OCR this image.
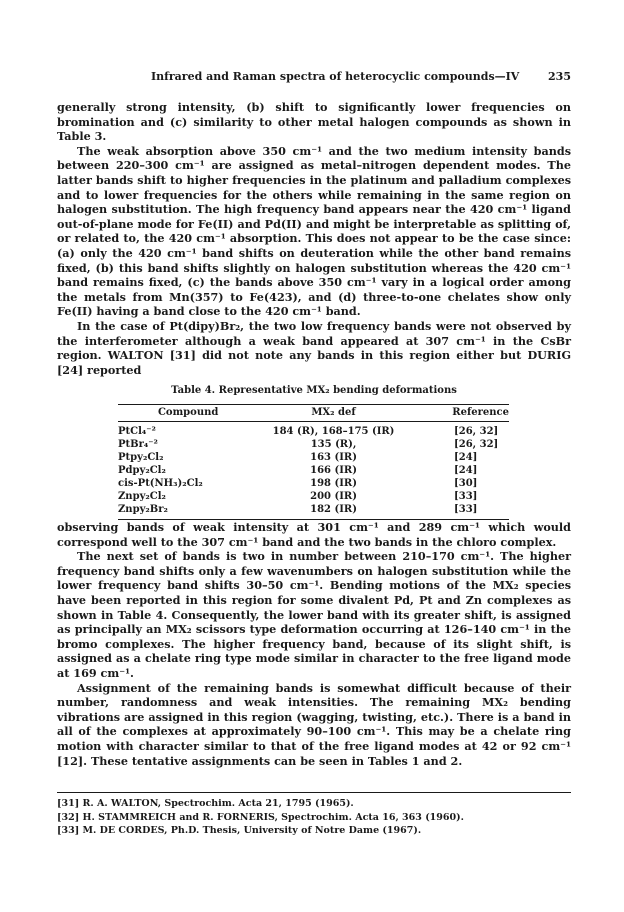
Infrared and Raman spectra of heterocyclic compounds—IV	235

generally strong intensity, (b) shift to significantly lower frequencies on bromination and (c) similarity to other metal halogen compounds as shown in Table 3.

The weak absorption above 350 cm⁻¹ and the two medium intensity bands between 220–300 cm⁻¹ are assigned as metal–nitrogen dependent modes. The latter bands shift to higher frequencies in the platinum and palladium complexes and to lower frequencies for the others while remaining in the same region on halogen substitution. The high frequency band appears near the 420 cm⁻¹ ligand out-of-plane mode for Fe(II) and Pd(II) and might be interpretable as splitting of, or related to, the 420 cm⁻¹ absorption. This does not appear to be the case since: (a) only the 420 cm⁻¹ band shifts on deuteration while the other band remains fixed, (b) this band shifts slightly on halogen substitution whereas the 420 cm⁻¹ band remains fixed, (c) the bands above 350 cm⁻¹ vary in a logical order among the metals from Mn(357) to Fe(423), and (d) three-to-one chelates show only Fe(II) having a band close to the 420 cm⁻¹ band.

In the case of Pt(dipy)Br₂, the two low frequency bands were not observed by the interferometer although a weak band appeared at 307 cm⁻¹ in the CsBr region. WALTON [31] did not note any bands in this region either but DURIG [24] reported

Table 4. Representative MX₂ bending deformations
Compound	MX₂ def	Reference
PtCl₄⁻²	184 (R), 168–175 (IR)	[26, 32]
PtBr₄⁻²	135 (R),	[26, 32]
Ptpy₂Cl₂	163 (IR)	[24]
Pdpy₂Cl₂	166 (IR)	[24]
cis-Pt(NH₃)₂Cl₂	198 (IR)	[30]
Znpy₂Cl₂	200 (IR)	[33]
Znpy₂Br₂	182 (IR)	[33]

observing bands of weak intensity at 301 cm⁻¹ and 289 cm⁻¹ which would correspond well to the 307 cm⁻¹ band and the two bands in the chloro complex.

The next set of bands is two in number between 210–170 cm⁻¹. The higher frequency band shifts only a few wavenumbers on halogen substitution while the lower frequency band shifts 30–50 cm⁻¹. Bending motions of the MX₂ species have been reported in this region for some divalent Pd, Pt and Zn complexes as shown in Table 4. Consequently, the lower band with its greater shift, is assigned as principally an MX₂ scissors type deformation occurring at 126–140 cm⁻¹ in the bromo complexes. The higher frequency band, because of its slight shift, is assigned as a chelate ring type mode similar in character to the free ligand mode at 169 cm⁻¹.

Assignment of the remaining bands is somewhat difficult because of their number, randomness and weak intensities. The remaining MX₂ bending vibrations are assigned in this region (wagging, twisting, etc.). There is a band in all of the complexes at approximately 90–100 cm⁻¹. This may be a chelate ring motion with character similar to that of the free ligand modes at 42 or 92 cm⁻¹ [12]. These tentative assignments can be seen in Tables 1 and 2.

[31] R. A. WALTON, Spectrochim. Acta 21, 1795 (1965).
[32] H. STAMMREICH and R. FORNERIS, Spectrochim. Acta 16, 363 (1960).
[33] M. DE CORDES, Ph.D. Thesis, University of Notre Dame (1967).
